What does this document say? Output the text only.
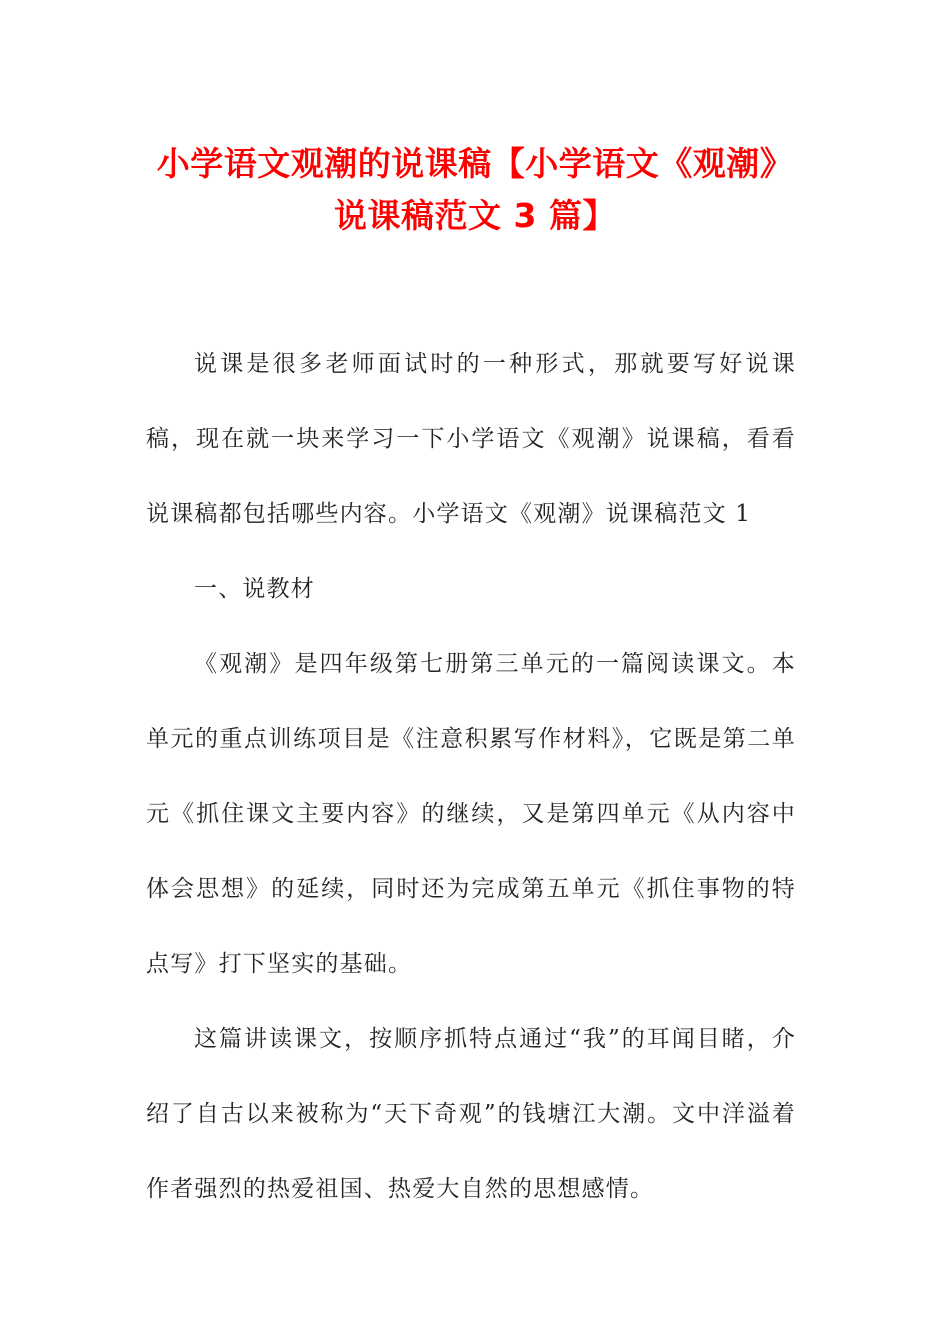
小学语文观潮的说课稿【小学语文《观潮》
说课稿范文 3 篇】

说课是很多老师面试时的一种形式，那就要写好说课稿，现在就一块来学习一下小学语文《观潮》说课稿，看看说课稿都包括哪些内容。小学语文《观潮》说课稿范文 1

一、说教材

《观潮》是四年级第七册第三单元的一篇阅读课文。本单元的重点训练项目是《注意积累写作材料》，它既是第二单元《抓住课文主要内容》的继续，又是第四单元《从内容中体会思想》的延续，同时还为完成第五单元《抓住事物的特点写》打下坚实的基础。

这篇讲读课文，按顺序抓特点通过“我”的耳闻目睹，介绍了自古以来被称为“天下奇观”的钱塘江大潮。文中洋溢着作者强烈的热爱祖国、热爱大自然的思想感情。
